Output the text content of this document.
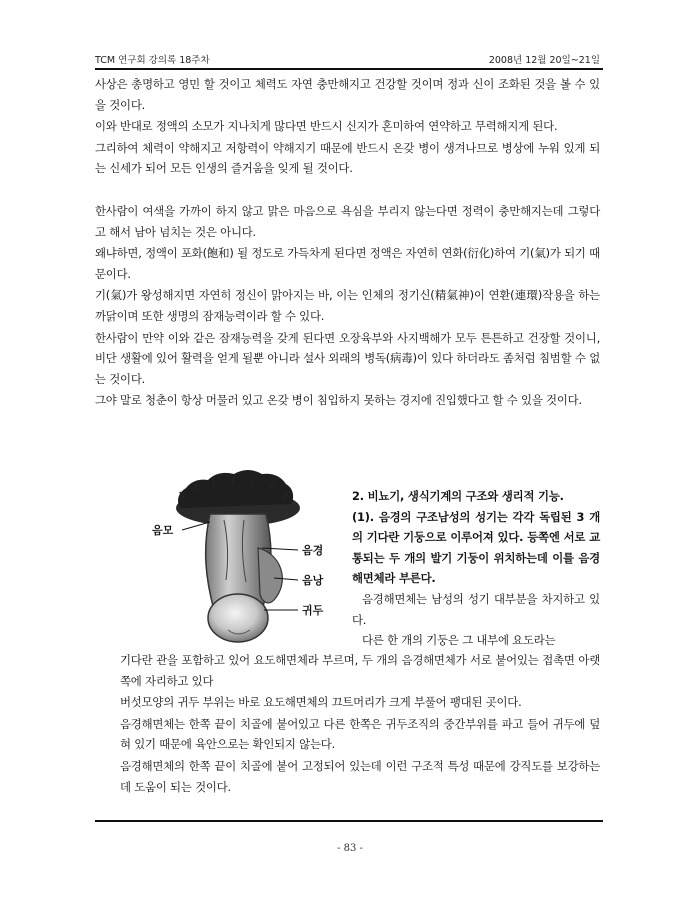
TCM 연구회 강의록 18주차	2008년 12월 20일~21일

사상은 총명하고 영민 할 것이고 체력도 자연 충만해지고 건강할 것이며 정과 신이 조화된 것을 볼 수 있을 것이다.

이와 반대로 정액의 소모가 지나치게 많다면 반드시 신지가 혼미하여 연약하고 무력해지게 된다.

그리하여 체력이 약해지고 저항력이 약해지기 때문에 반드시 온갖 병이 생겨나므로 병상에 누워 있게 되는 신세가 되어 모든 인생의 즐거움을 잊게 될 것이다.

한사람이 여색을 가까이 하지 않고 맑은 마음으로 욕심을 부리지 않는다면 정력이 충만해지는데 그렇다고 해서 남아 넘치는 것은 아니다.

왜냐하면, 정액이 포화(飽和) 될 정도로 가득차게 된다면 정액은 자연히 연화(衍化)하여 기(氣)가 되기 때문이다.

기(氣)가 왕성해지면 자연히 정신이 맑아지는 바, 이는 인체의 정기신(精氣神)이 연환(連環)작용을 하는 까닭이며 또한 생명의 잠재능력이라 할 수 있다.

한사람이 만약 이와 같은 잠재능력을 갖게 된다면 오장육부와 사지백해가 모두 튼튼하고 건장할 것이니, 비단 생활에 있어 활력을 얻게 될뿐 아니라 설사 외래의 병독(病毒)이 있다 하더라도 좀처럼 침범할 수 없는 것이다.

그야 말로 청춘이 항상 머물러 있고 온갖 병이 침입하지 못하는 경지에 진입했다고 할 수 있을 것이다.

음모
음경
음낭
귀두

2. 비뇨기, 생식기계의 구조와 생리적 기능.

(1). 음경의 구조남성의 성기는 각각 독립된 3 개의 기다란 기둥으로 이루어져 있다. 등쪽엔 서로 교통되는 두 개의 발기 기둥이 위치하는데 이를 음경해면체라 부른다.

음경해면체는 남성의 성기 대부분을 차지하고 있다.

다른 한 개의 기둥은 그 내부에 요도라는

기다란 관을 포함하고 있어 요도해면체라 부르며, 두 개의 음경해면체가 서로 붙어있는 접촉면 아랫쪽에 자리하고 있다

버섯모양의 귀두 부위는 바로 요도해면체의 끄트머리가 크게 부풀어 팽대된 곳이다.

음경해면체는 한쪽 끝이 치골에 붙어있고 다른 한쪽은 귀두조직의 중간부위를 파고 들어 귀두에 덮혀 있기 때문에 육안으로는 확인되지 않는다.

음경해면체의 한쪽 끝이 치골에 붙어 고정되어 있는데 이런 구조적 특성 때문에 강직도를 보강하는데 도움이 되는 것이다.

- 83 -
